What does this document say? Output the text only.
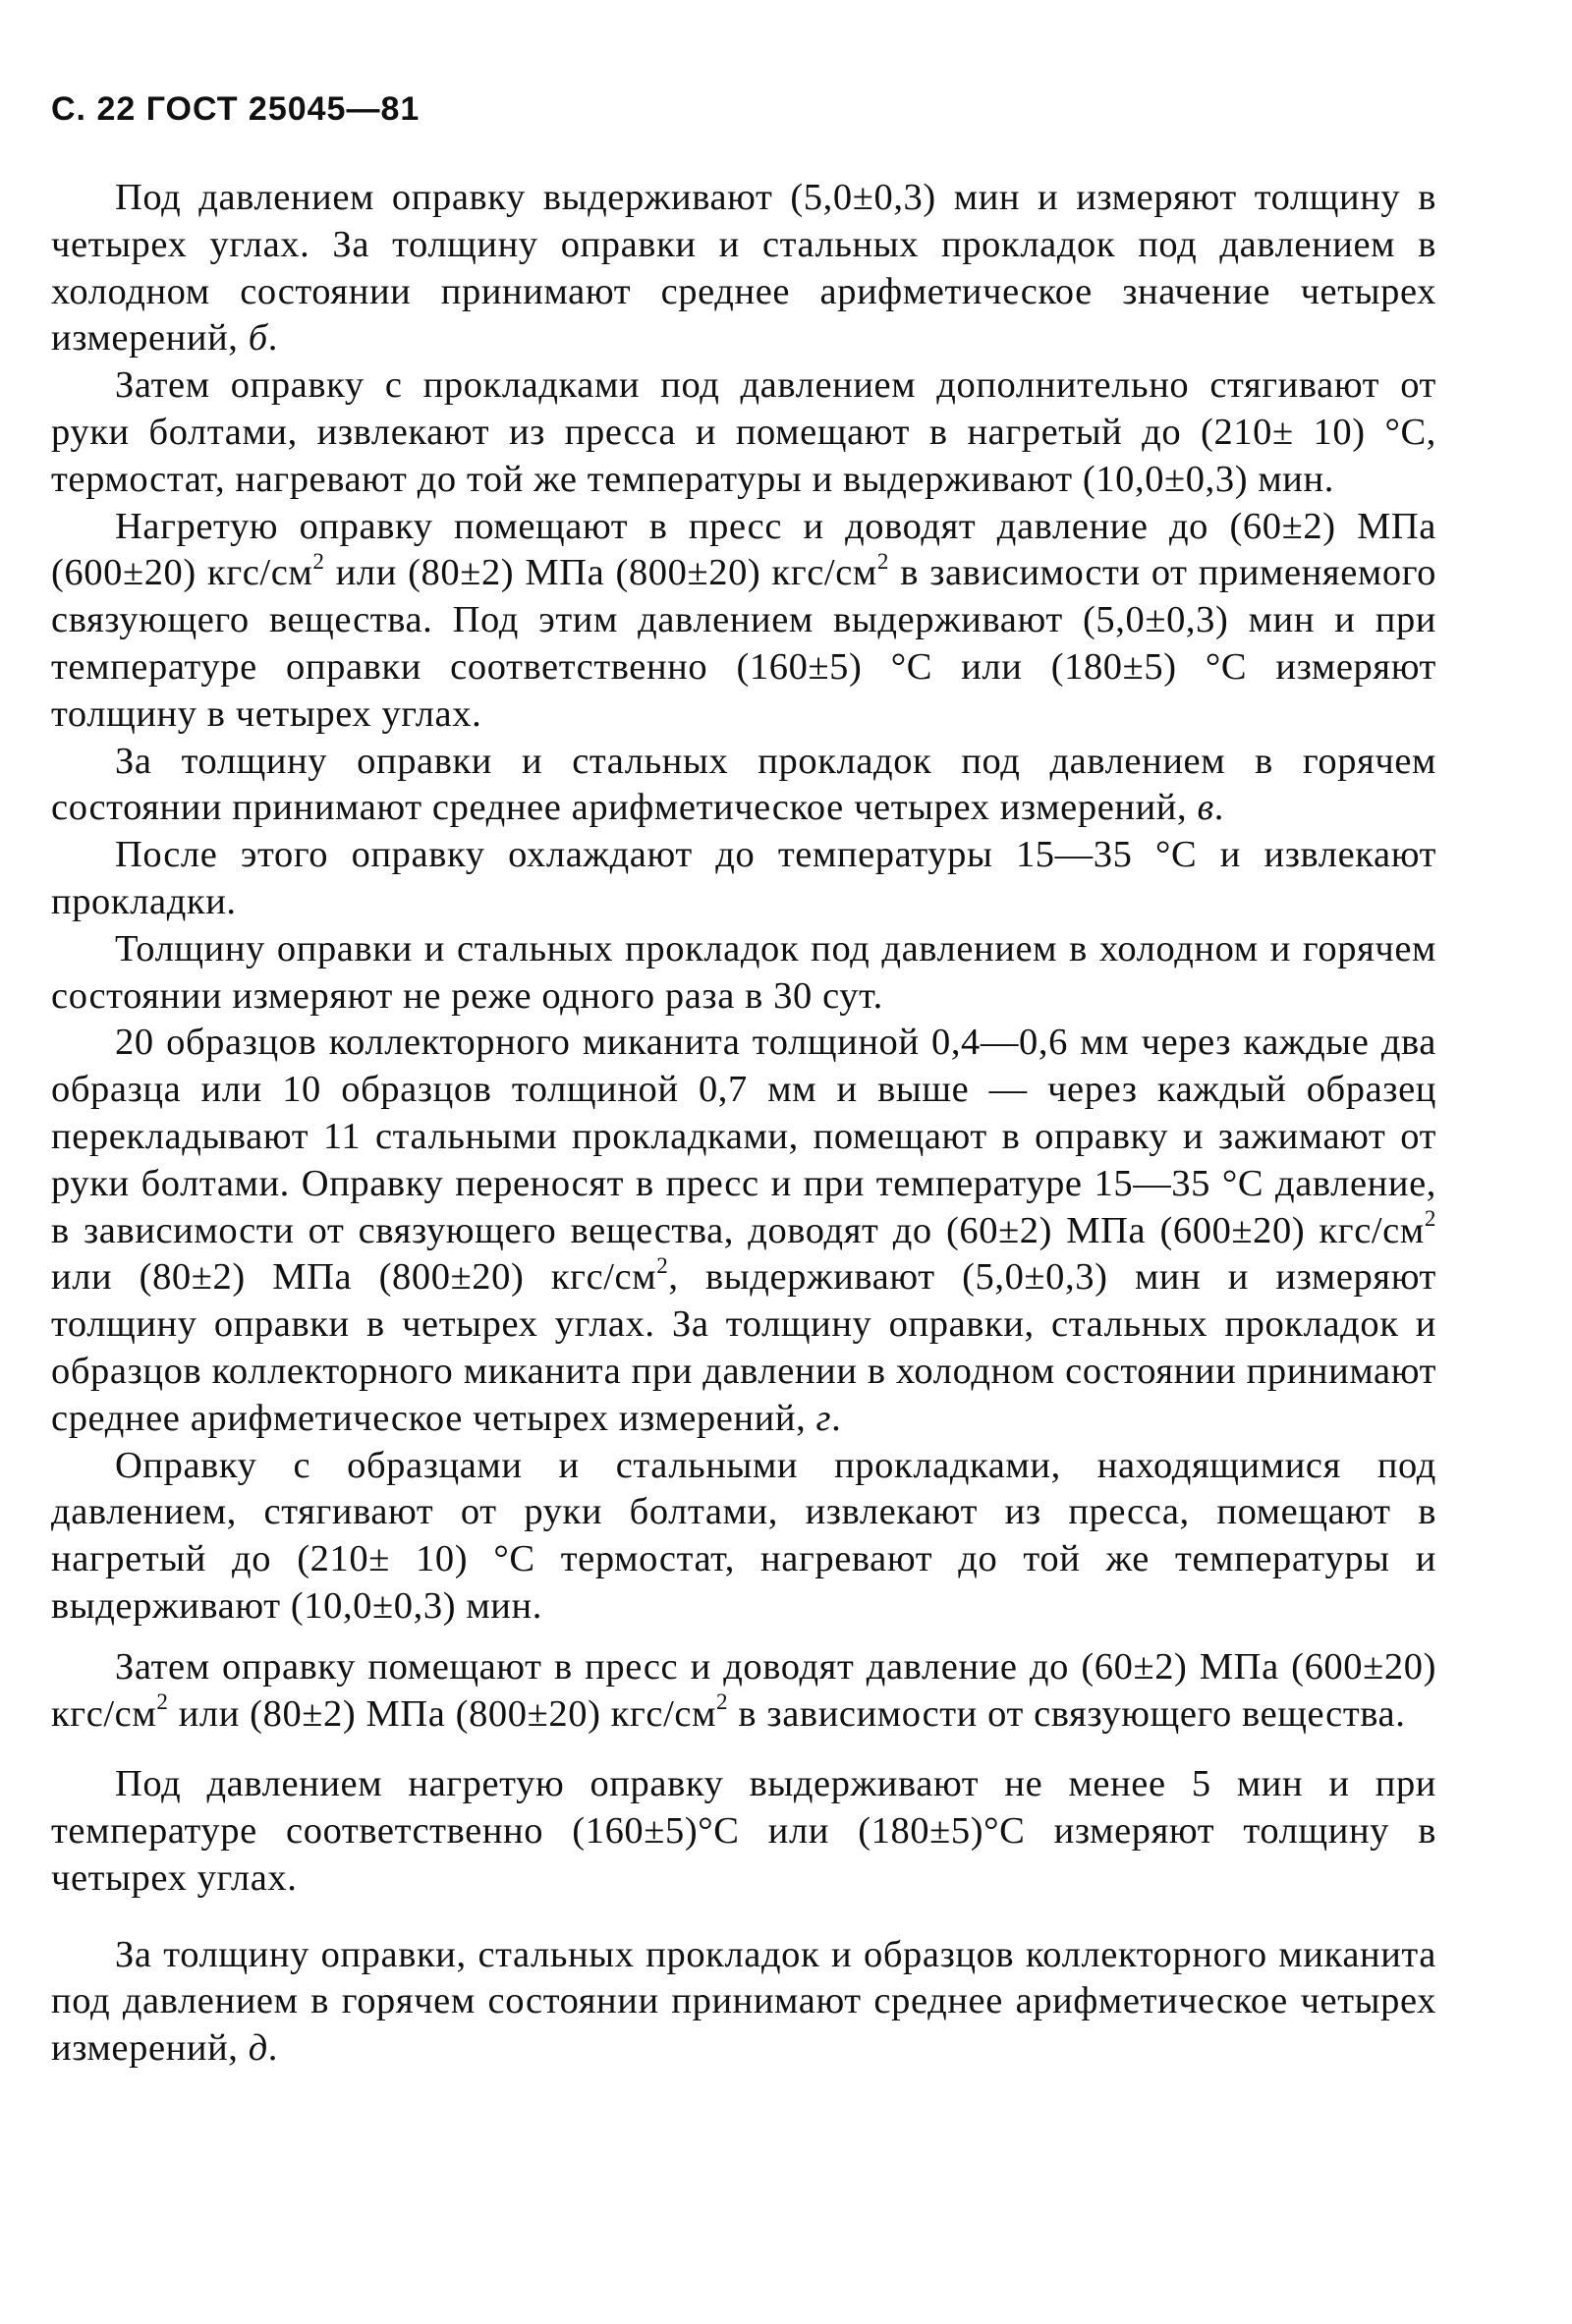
С. 22 ГОСТ 25045—81

Под давлением оправку выдерживают (5,0±0,3) мин и измеряют толщину в четырех углах. За толщину оправки и стальных прокладок под давлением в холодном состоянии принимают среднее арифметическое значение четырех измерений, б.

Затем оправку с прокладками под давлением дополнительно стягивают от руки болтами, извлекают из пресса и помещают в нагретый до (210± 10) °С, термостат, нагревают до той же температуры и выдерживают (10,0±0,3) мин.

Нагретую оправку помещают в пресс и доводят давление до (60±2) МПа (600±20) кгс/$см^2$ или (80±2) МПа (800±20) кгс/$см^2$ в зависимости от применяемого связующего вещества. Под этим давлением выдерживают (5,0±0,3) мин и при температуре оправки соответственно (160±5) °С или (180±5) °С измеряют толщину в четырех углах.

За толщину оправки и стальных прокладок под давлением в горячем состоянии принимают среднее арифметическое четырех измерений, в.

После этого оправку охлаждают до температуры 15—35 °С и извлекают прокладки.

Толщину оправки и стальных прокладок под давлением в холодном и горячем состоянии измеряют не реже одного раза в 30 сут.

20 образцов коллекторного миканита толщиной 0,4—0,6 мм через каждые два образца или 10 образцов толщиной 0,7 мм и выше — через каждый образец перекладывают 11 стальными прокладками, помещают в оправку и зажимают от руки болтами. Оправку переносят в пресс и при температуре 15—35 °С давление, в зависимости от связующего вещества, доводят до (60±2) МПа (600±20) кгс/$см^2$ или (80±2) МПа (800±20) кгс/$см^2$, выдерживают (5,0±0,3) мин и измеряют толщину оправки в четырех углах. За толщину оправки, стальных прокладок и образцов коллекторного миканита при давлении в холодном состоянии принимают среднее арифметическое четырех измерений, г.

Оправку с образцами и стальными прокладками, находящимися под давлением, стягивают от руки болтами, извлекают из пресса, помещают в нагретый до (210± 10) °С термостат, нагревают до той же температуры и выдерживают (10,0±0,3) мин.

Затем оправку помещают в пресс и доводят давление до (60±2) МПа (600±20) кгс/$см^2$ или (80±2) МПа (800±20) кгс/$см^2$ в зависимости от связующего вещества.

Под давлением нагретую оправку выдерживают не менее 5 мин и при температуре соответственно (160±5)°С или (180±5)°С измеряют толщину в четырех углах.

За толщину оправки, стальных прокладок и образцов коллекторного миканита под давлением в горячем состоянии принимают среднее арифметическое четырех измерений, д.
